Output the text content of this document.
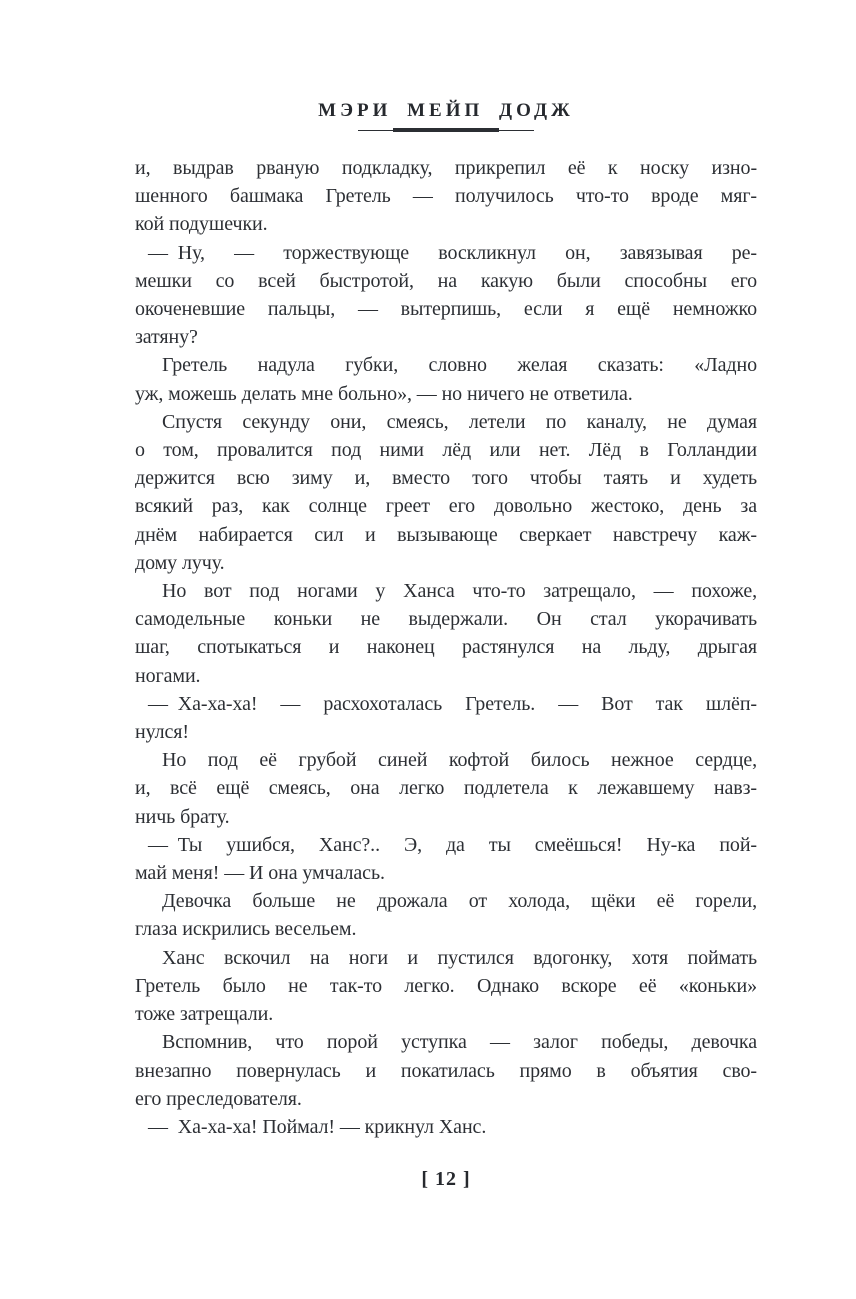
МЭРИ МЕЙП ДОДЖ
и, выдрав рваную подкладку, прикрепил её к носку изно-
шенного башмака Гретель — получилось что-то вроде мяг-
кой подушечки.
— Ну, — торжествующе воскликнул он, завязывая ре-
мешки со всей быстротой, на какую были способны его
окоченевшие пальцы, — вытерпишь, если я ещё немножко
затяну?
Гретель надула губки, словно желая сказать: «Ладно
уж, можешь делать мне больно», — но ничего не ответила.
Спустя секунду они, смеясь, летели по каналу, не думая
о том, провалится под ними лёд или нет. Лёд в Голландии
держится всю зиму и, вместо того чтобы таять и худеть
всякий раз, как солнце греет его довольно жестоко, день за
днём набирается сил и вызывающе сверкает навстречу каж-
дому лучу.
Но вот под ногами у Ханса что-то затрещало, — похоже,
самодельные коньки не выдержали. Он стал укорачивать
шаг, спотыкаться и наконец растянулся на льду, дрыгая
ногами.
— Ха-ха-ха! — расхохоталась Гретель. — Вот так шлёп-
нулся!
Но под её грубой синей кофтой билось нежное сердце,
и, всё ещё смеясь, она легко подлетела к лежавшему навз-
ничь брату.
— Ты ушибся, Ханс?.. Э, да ты смеёшься! Ну-ка пой-
май меня! — И она умчалась.
Девочка больше не дрожала от холода, щёки её горели,
глаза искрились весельем.
Ханс вскочил на ноги и пустился вдогонку, хотя поймать
Гретель было не так-то легко. Однако вскоре её «коньки»
тоже затрещали.
Вспомнив, что порой уступка — залог победы, девочка
внезапно повернулась и покатилась прямо в объятия сво-
его преследователя.
— Ха-ха-ха! Поймал! — крикнул Ханс.
[ 12 ]
